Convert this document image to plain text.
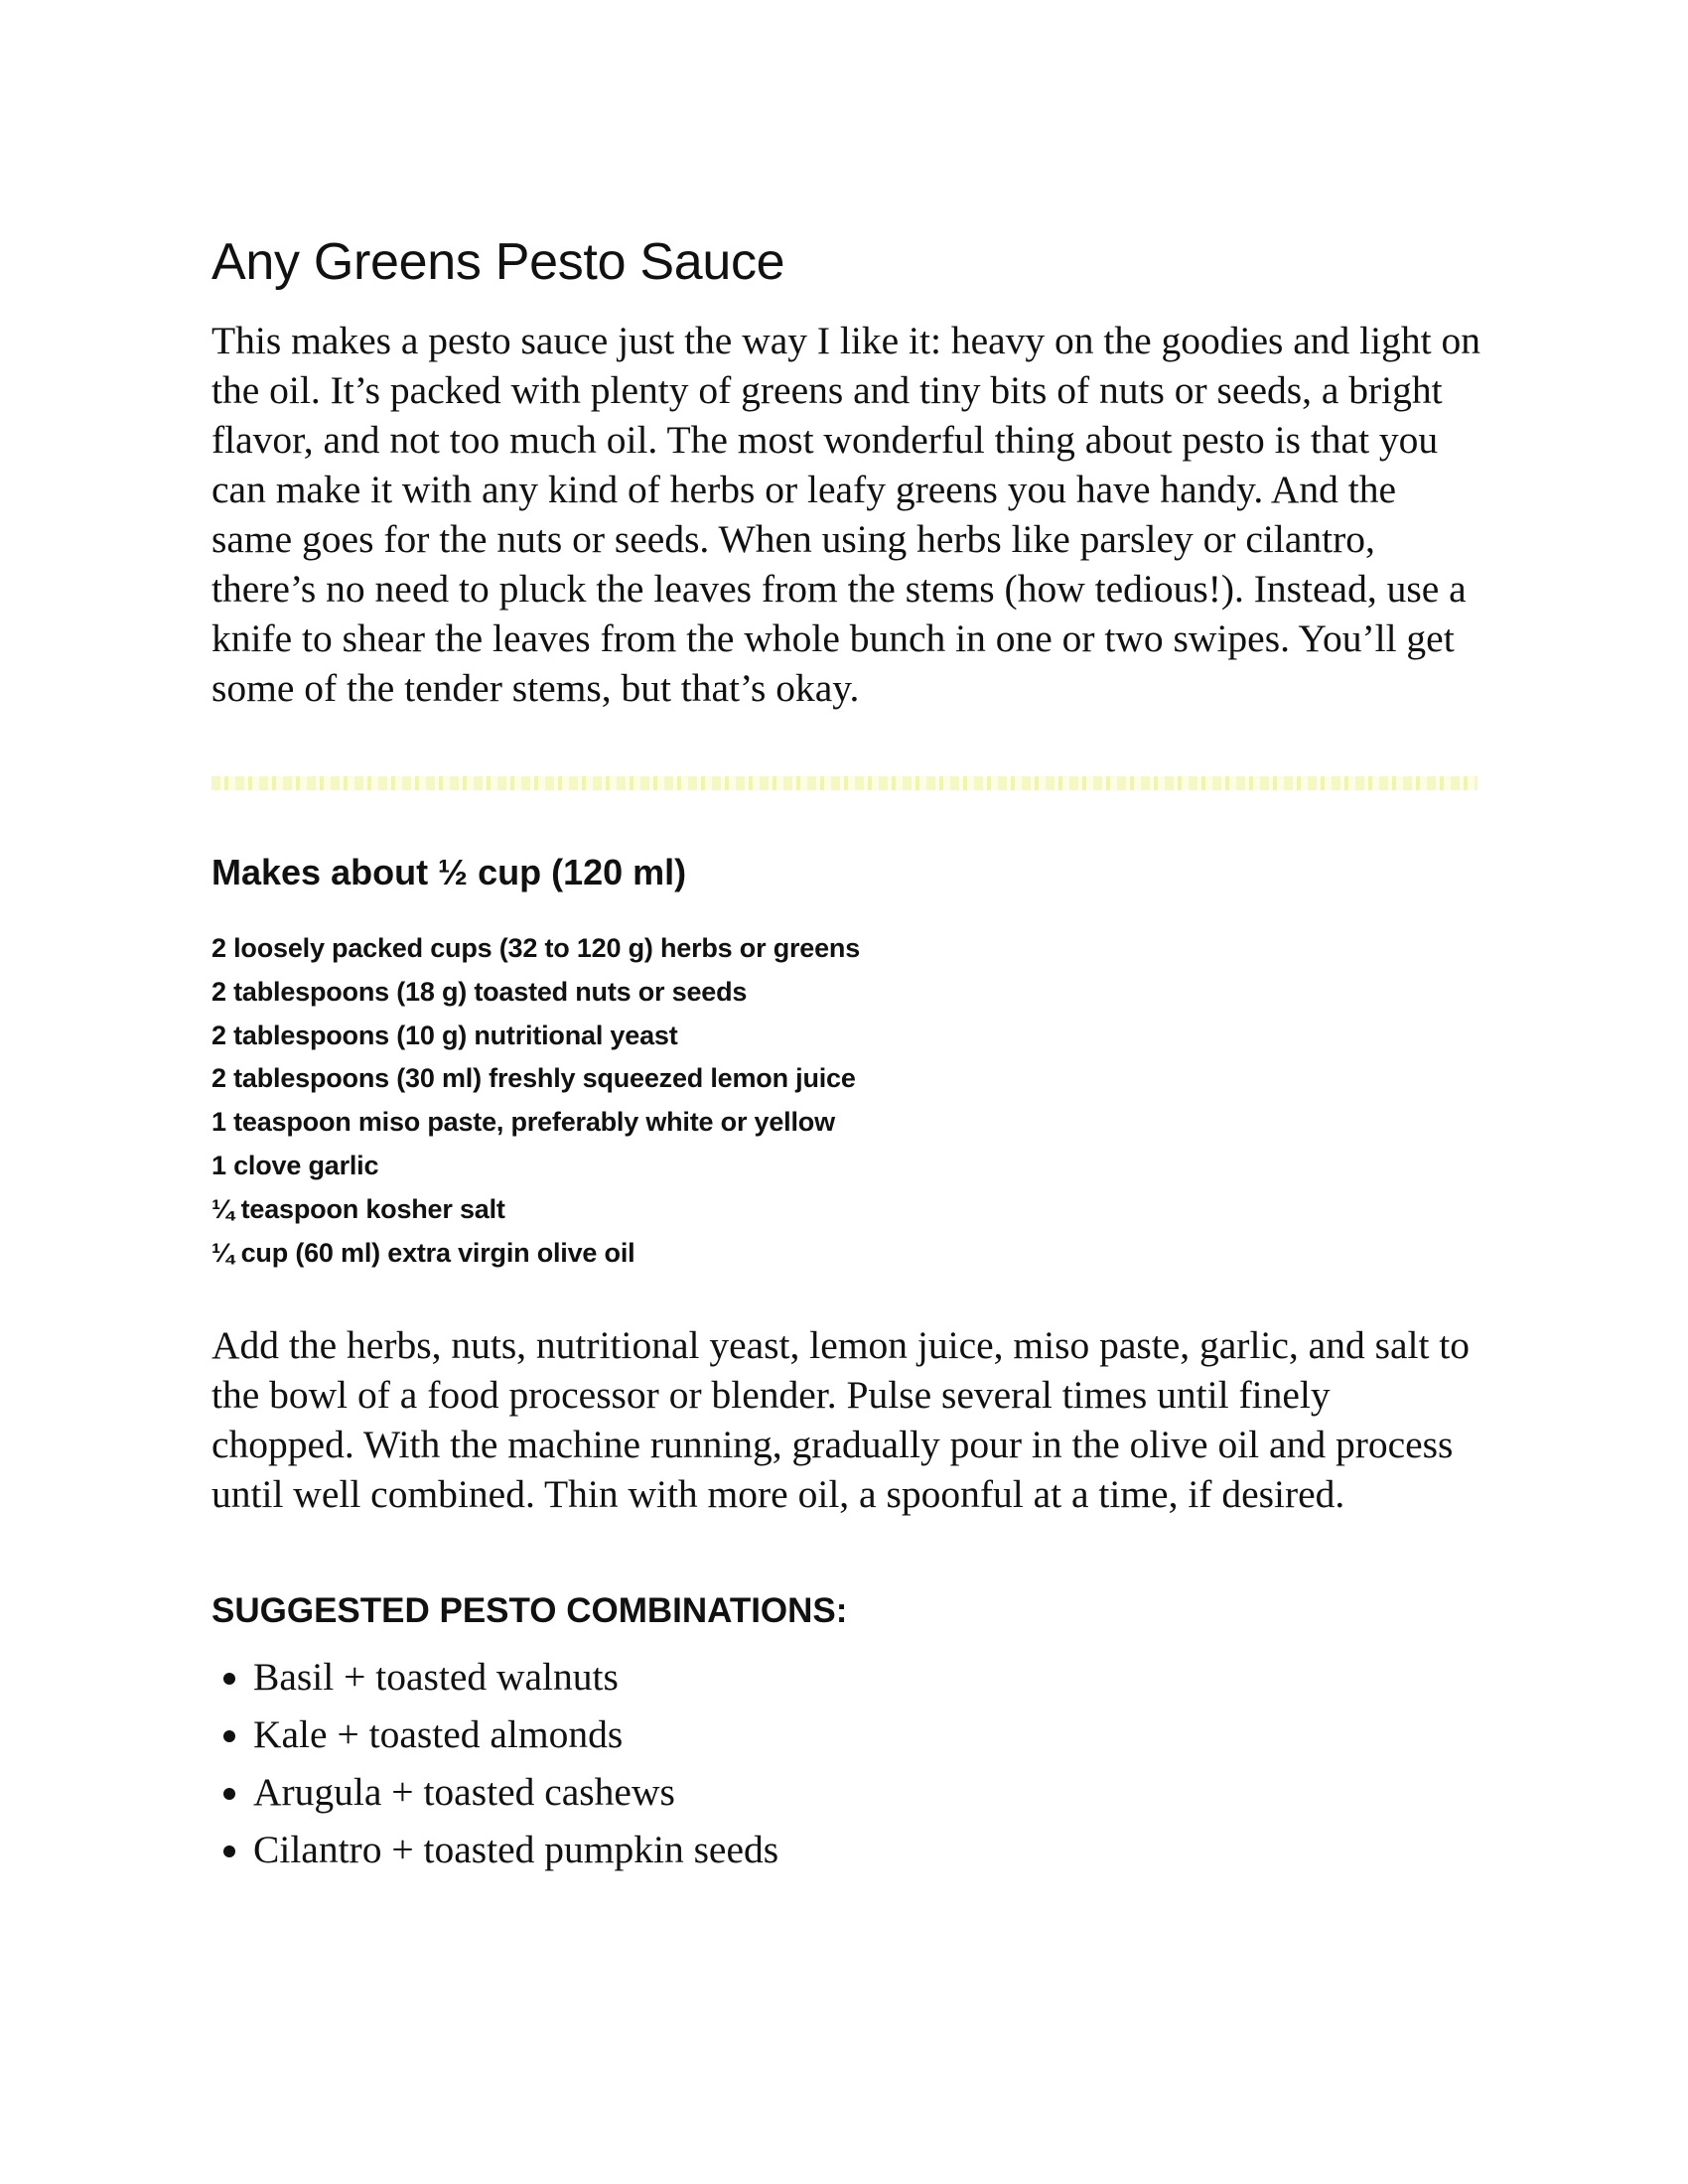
Any Greens Pesto Sauce

This makes a pesto sauce just the way I like it: heavy on the goodies and light on the oil. It’s packed with plenty of greens and tiny bits of nuts or seeds, a bright flavor, and not too much oil. The most wonderful thing about pesto is that you can make it with any kind of herbs or leafy greens you have handy. And the same goes for the nuts or seeds. When using herbs like parsley or cilantro, there’s no need to pluck the leaves from the stems (how tedious!). Instead, use a knife to shear the leaves from the whole bunch in one or two swipes. You’ll get some of the tender stems, but that’s okay.

Makes about ½ cup (120 ml)
2 loosely packed cups (32 to 120 g) herbs or greens
2 tablespoons (18 g) toasted nuts or seeds
2 tablespoons (10 g) nutritional yeast
2 tablespoons (30 ml) freshly squeezed lemon juice
1 teaspoon miso paste, preferably white or yellow
1 clove garlic
¼ teaspoon kosher salt
¼ cup (60 ml) extra virgin olive oil

Add the herbs, nuts, nutritional yeast, lemon juice, miso paste, garlic, and salt to the bowl of a food processor or blender. Pulse several times until finely chopped. With the machine running, gradually pour in the olive oil and process until well combined. Thin with more oil, a spoonful at a time, if desired.

SUGGESTED PESTO COMBINATIONS:
• Basil + toasted walnuts
• Kale + toasted almonds
• Arugula + toasted cashews
• Cilantro + toasted pumpkin seeds
